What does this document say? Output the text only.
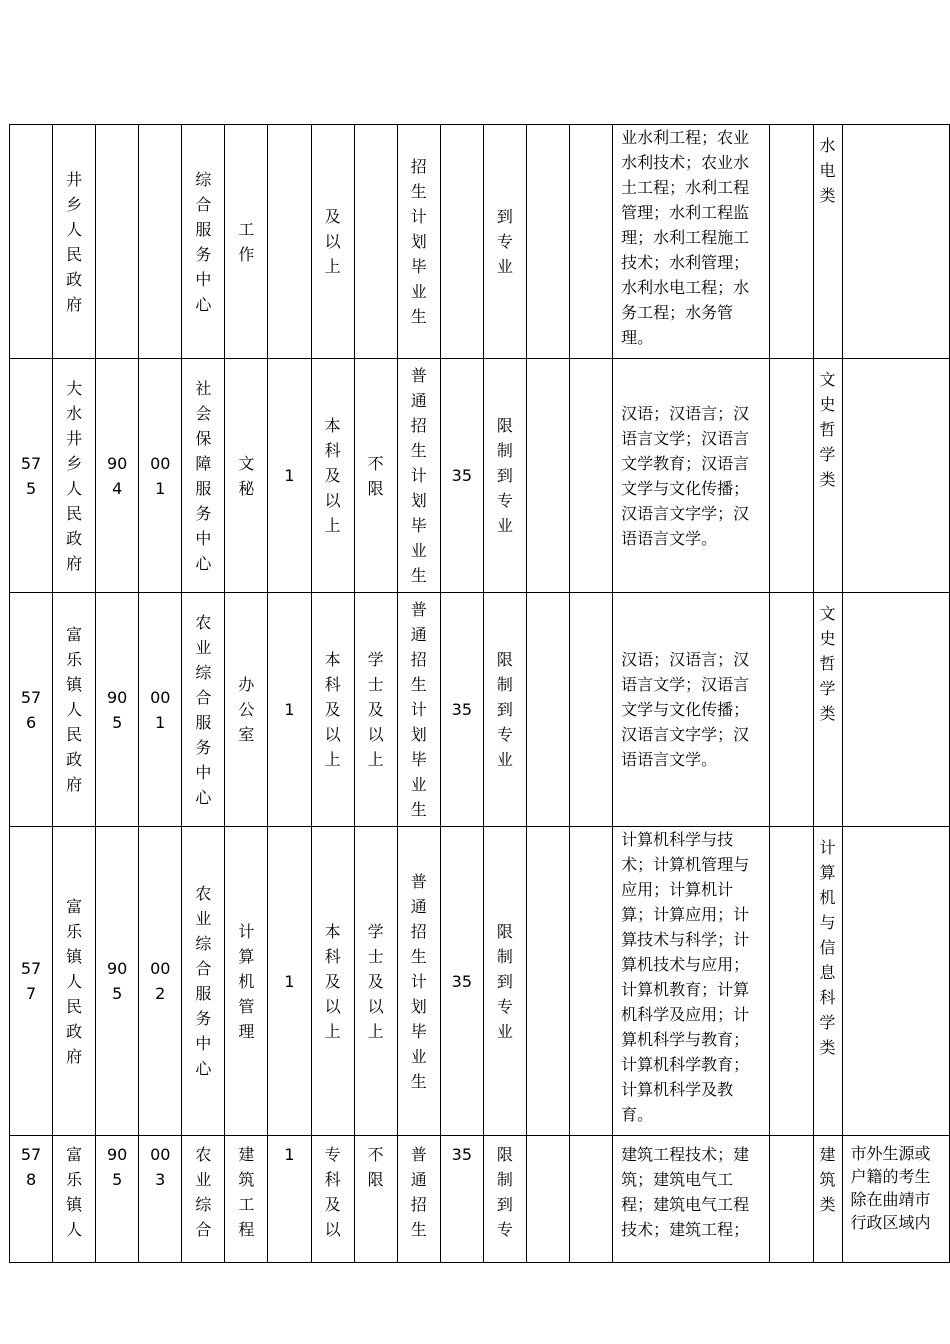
	井乡人民政府			综合服务中心	工作		及以上		招生计划毕业生		到专业			业水利工程；农业水利技术；农业水土工程；水利工程管理；水利工程监理；水利工程施工技术；水利管理；水利水电工程；水务工程；水务管理。		水电类	
575	大水井乡人民政府	904	001	社会保障服务中心	文秘	1	本科及以上	不限	普通招生计划毕业生	35	限制到专业			汉语；汉语言；汉语言文学；汉语言文学教育；汉语言文学与文化传播；汉语言文字学；汉语语言文学。		文史哲学类	
576	富乐镇人民政府	905	001	农业综合服务中心	办公室	1	本科及以上	学士及以上	普通招生计划毕业生	35	限制到专业			汉语；汉语言；汉语言文学；汉语言文学与文化传播；汉语言文字学；汉语语言文学。		文史哲学类	
577	富乐镇人民政府	905	002	农业综合服务中心	计算机管理	1	本科及以上	学士及以上	普通招生计划毕业生	35	限制到专业			计算机科学与技术；计算机管理与应用；计算机计算；计算应用；计算技术与科学；计算机技术与应用；计算机教育；计算机科学及应用；计算机科学与教育；计算机科学教育；计算机科学及教育。		计算机与信息科学类	
578	富乐镇人	905	003	农业综合	建筑工程	1	专科及以	不限	普通招生	35	限制到专			建筑工程技术；建筑；建筑电气工程；建筑电气工程技术；建筑工程；		建筑类	市外生源或户籍的考生除在曲靖市行政区域内
